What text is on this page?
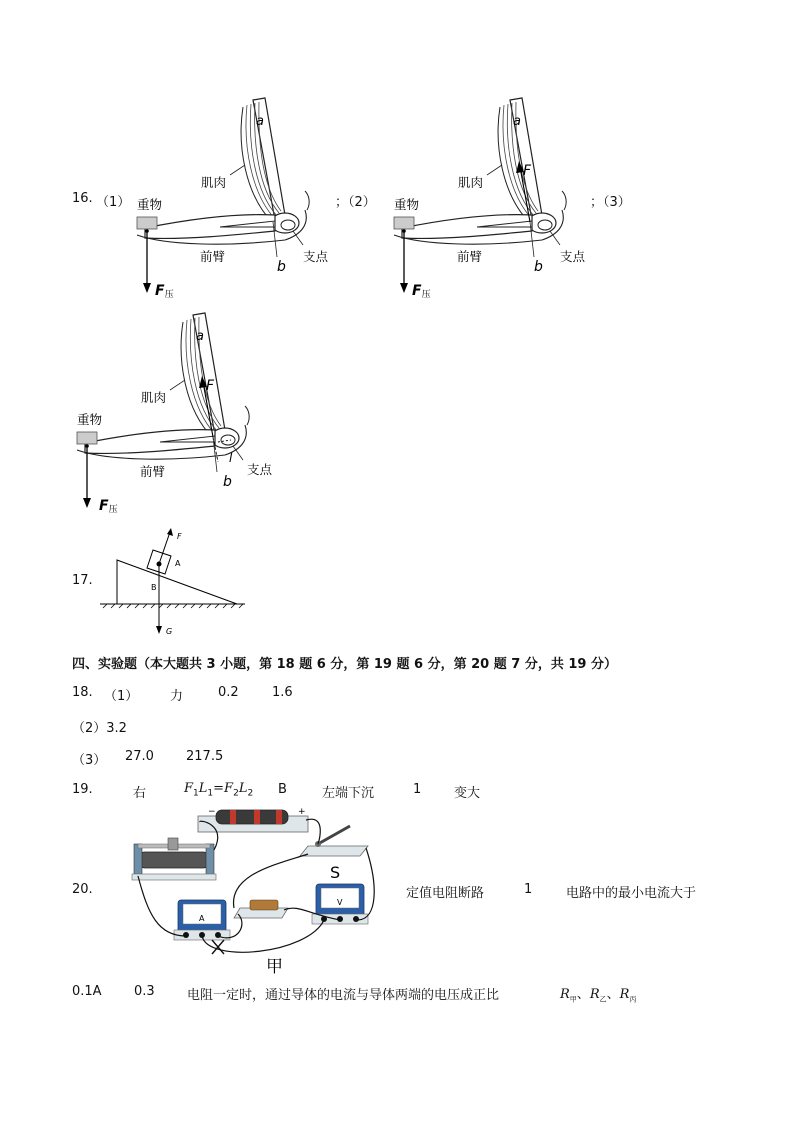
16. （1）	；（2）	；（3）
a
肌肉
重物
前臂
b
支点
F压
a
F
肌肉
重物
前臂
b
支点
F压
a
F
l
肌肉
重物
前臂
b
支点
F压
17.
F
A
B
G
四、实验题（本大题共 3 小题，第 18 题 6 分，第 19 题 6 分，第 20 题 7 分，共 19 分）
18. （1） 力	0.2	1.6
（2）3.2
（3） 27.0 217.5
19.	右	$F_1L_1=F_2L_2$ B	左端下沉	1	变大
20.
−	+
S
A
V
甲
定值电阻断路	1	电路中的最小电流大于
0.1A 0.3 电阻一定时，通过导体的电流与导体两端的电压成正比	$R_甲$、$R_乙$、$R_丙$
